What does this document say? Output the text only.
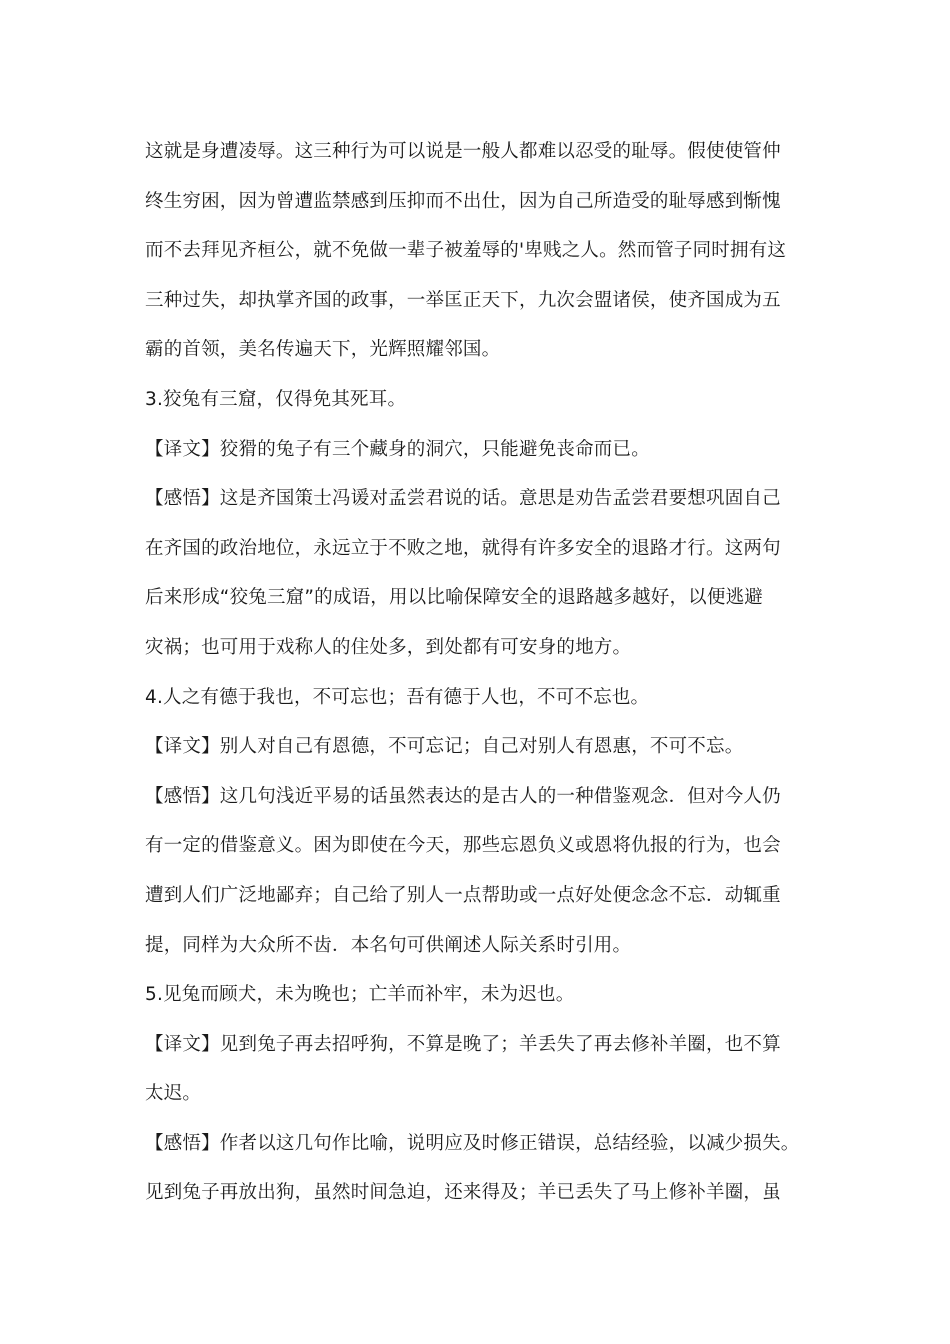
这就是身遭凌辱。这三种行为可以说是一般人都难以忍受的耻辱。假使使管仲
终生穷困，因为曾遭监禁感到压抑而不出仕，因为自己所造受的耻辱感到惭愧
而不去拜见齐桓公，就不免做一辈子被羞辱的'卑贱之人。然而管子同时拥有这
三种过失，却执掌齐国的政事，一举匡正天下，九次会盟诸侯，使齐国成为五
霸的首领，美名传遍天下，光辉照耀邻国。
3.狡兔有三窟，仅得免其死耳。
【译文】狡猾的兔子有三个藏身的洞穴，只能避免丧命而已。
【感悟】这是齐国策士冯谖对孟尝君说的话。意思是劝告孟尝君要想巩固自己
在齐国的政治地位，永远立于不败之地，就得有许多安全的退路才行。这两句
后来形成“狡兔三窟”的成语，用以比喻保障安全的退路越多越好，以便逃避
灾祸；也可用于戏称人的住处多，到处都有可安身的地方。
4.人之有德于我也，不可忘也；吾有德于人也，不可不忘也。
【译文】别人对自己有恩德，不可忘记；自己对别人有恩惠，不可不忘。
【感悟】这几句浅近平易的话虽然表达的是古人的一种借鉴观念．但对今人仍
有一定的借鉴意义。困为即使在今天，那些忘恩负义或恩将仇报的行为，也会
遭到人们广泛地鄙弃；自己给了别人一点帮助或一点好处便念念不忘．动辄重
提，同样为大众所不齿．本名句可供阐述人际关系时引用。
5.见兔而顾犬，未为晚也；亡羊而补牢，未为迟也。
【译文】见到兔子再去招呼狗，不算是晚了；羊丢失了再去修补羊圈，也不算
太迟。
【感悟】作者以这几句作比喻，说明应及时修正错误，总结经验，以减少损失。
见到兔子再放出狗，虽然时间急迫，还来得及；羊已丢失了马上修补羊圈，虽
